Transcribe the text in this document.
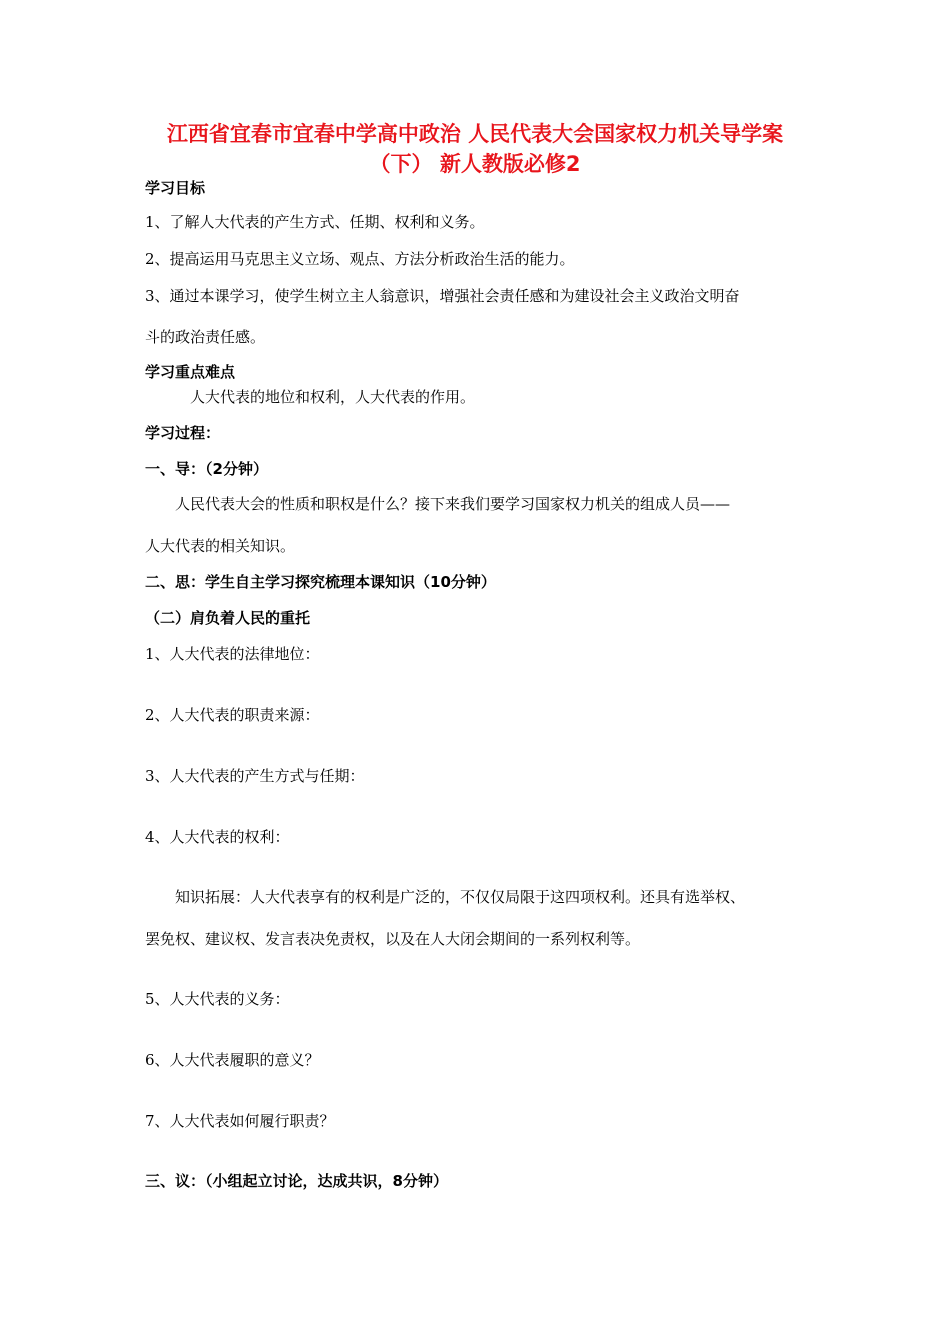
江西省宜春市宜春中学高中政治 人民代表大会国家权力机关导学案
（下） 新人教版必修2
学习目标
1、了解人大代表的产生方式、任期、权利和义务。
2、提高运用马克思主义立场、观点、方法分析政治生活的能力。
3、通过本课学习，使学生树立主人翁意识，增强社会责任感和为建设社会主义政治文明奋
斗的政治责任感。
学习重点难点
人大代表的地位和权利，人大代表的作用。
学习过程：
一、导：（2分钟）
人民代表大会的性质和职权是什么？接下来我们要学习国家权力机关的组成人员——
人大代表的相关知识。
二、思：学生自主学习探究梳理本课知识（10分钟）
（二）肩负着人民的重托
1、人大代表的法律地位：
2、人大代表的职责来源：
3、人大代表的产生方式与任期：
4、人大代表的权利：
知识拓展：人大代表享有的权利是广泛的，不仅仅局限于这四项权利。还具有选举权、
罢免权、建议权、发言表决免责权，以及在人大闭会期间的一系列权利等。
5、人大代表的义务：
6、人大代表履职的意义？
7、人大代表如何履行职责？
三、议：（小组起立讨论，达成共识，8分钟）
